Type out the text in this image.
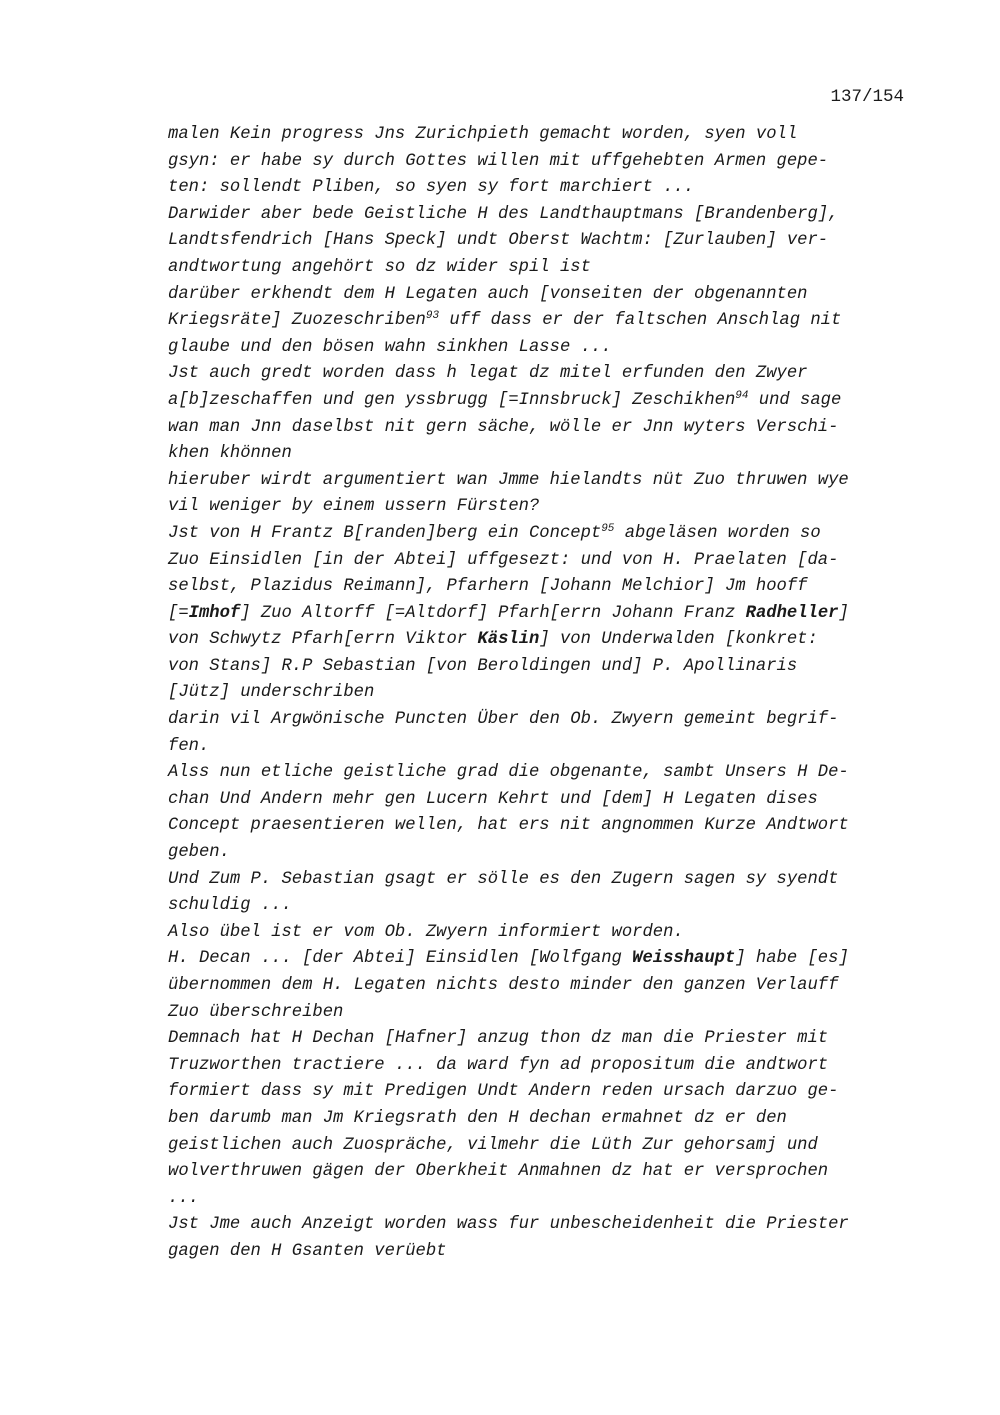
137/154
malen Kein progress Jns Zurichpieth gemacht worden, syen voll
gsyn: er habe sy durch Gottes willen mit uffgehebten Armen gepe-
ten: sollendt Pliben, so syen sy fort marchiert ...
Darwider aber bede Geistliche H des Landthauptmans [Brandenberg],
Landtsfendrich [Hans Speck] undt Oberst Wachtm: [Zurlauben] ver-
andtwortung angehört so dz wider spil ist
darüber erkhendt dem H Legaten auch [vonseiten der obgenannten
Kriegsräte] Zuozeschriben$^{93}$ uff dass er der faltschen Anschlag nit
glaube und den bösen wahn sinkhen Lasse ...
Jst auch gredt worden dass h legat dz mitel erfunden den Zwyer
a[b]zeschaffen und gen yssbrugg [=Innsbruck] Zeschikhen$^{94}$ und sage
wan man Jnn daselbst nit gern säche, wölle er Jnn wyters Verschi-
khen khönnen
hieruber wirdt argumentiert wan Jmme hielandts nüt Zuo thruwen wye
vil weniger by einem ussern Fürsten?
Jst von H Frantz B[randen]berg ein Concept$^{95}$ abgeläsen worden so
Zuo Einsidlen [in der Abtei] uffgesezt: und von H. Praelaten [da-
selbst, Plazidus Reimann], Pfarhern [Johann Melchior] Jm hooff
[=Imhof] Zuo Altorff [=Altdorf] Pfarh[errn Johann Franz Radheller]
von Schwytz Pfarh[errn Viktor Käslin] von Underwalden [konkret:
von Stans] R.P Sebastian [von Beroldingen und] P. Apollinaris
[Jütz] underschriben
darin vil Argwönische Puncten Über den Ob. Zwyern gemeint begrif-
fen.
Alss nun etliche geistliche grad die obgenante, sambt Unsers H De-
chan Und Andern mehr gen Lucern Kehrt und [dem] H Legaten dises
Concept praesentieren wellen, hat ers nit angnommen Kurze Andtwort
geben.
Und Zum P. Sebastian gsagt er sölle es den Zugern sagen sy syendt
schuldig ...
Also übel ist er vom Ob. Zwyern informiert worden.
H. Decan ... [der Abtei] Einsidlen [Wolfgang Weisshaupt] habe [es]
übernommen dem H. Legaten nichts desto minder den ganzen Verlauff
Zuo überschreiben
Demnach hat H Dechan [Hafner] anzug thon dz man die Priester mit
Truzworthen tractiere ... da ward fyn ad propositum die andtwort
formiert dass sy mit Predigen Undt Andern reden ursach darzuo ge-
ben darumb man Jm Kriegsrath den H dechan ermahnet dz er den
geistlichen auch Zuospräche, vilmehr die Lüth Zur gehorsamj und
wolverthruwen gägen der Oberkheit Anmahnen dz hat er versprochen
...
Jst Jme auch Anzeigt worden wass fur unbescheidenheit die Priester
gagen den H Gsanten verüebt
